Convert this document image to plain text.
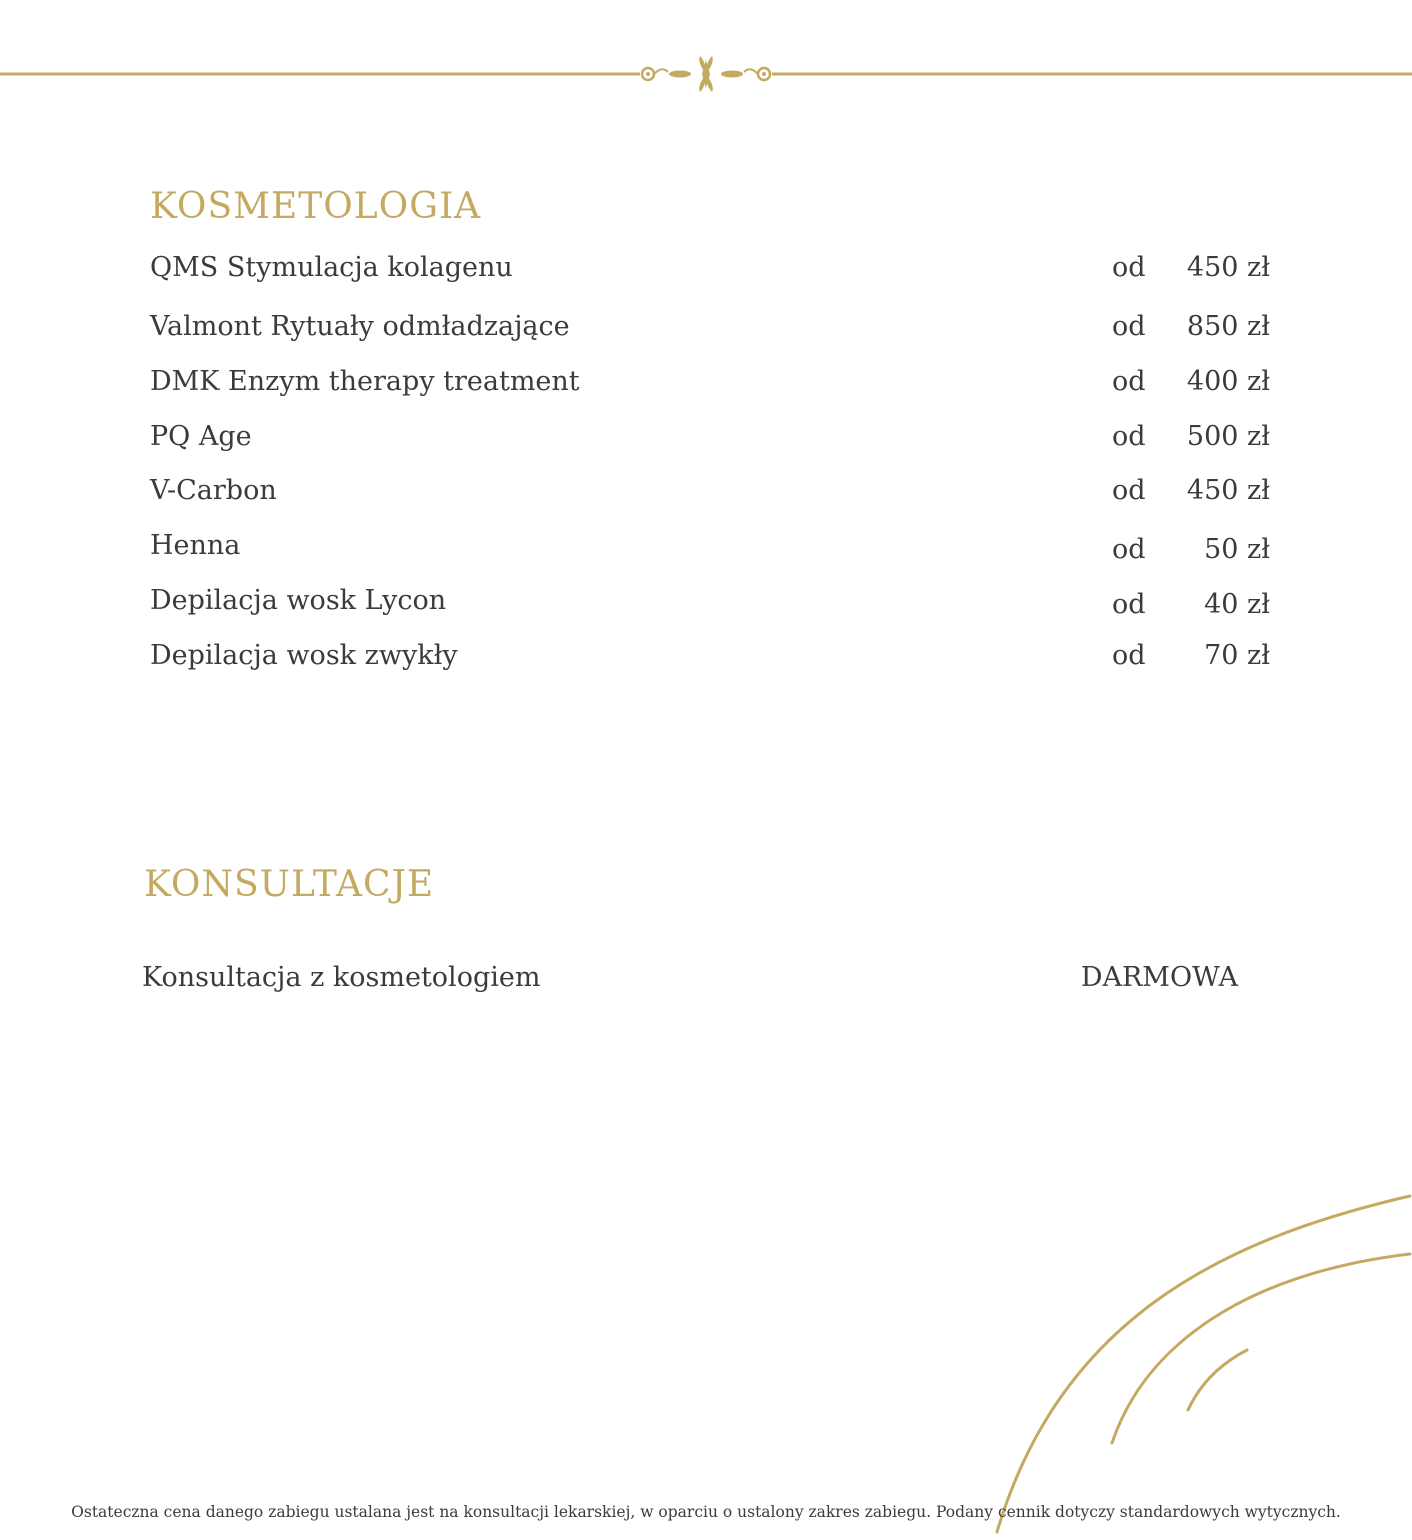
KOSMETOLOGIA
QMS Stymulacja kolagenu	od	450 zł
Valmont Rytuały odmładzające	od	850 zł
DMK Enzym therapy treatment	od	400 zł
PQ Age	od	500 zł
V-Carbon	od	450 zł
Henna	od	50 zł
Depilacja wosk Lycon	od	40 zł
Depilacja wosk zwykły	od	70 zł
KONSULTACJE
Konsultacja z kosmetologiem	DARMOWA
Ostateczna cena danego zabiegu ustalana jest na konsultacji lekarskiej, w oparciu o ustalony zakres zabiegu. Podany cennik dotyczy standardowych wytycznych.
